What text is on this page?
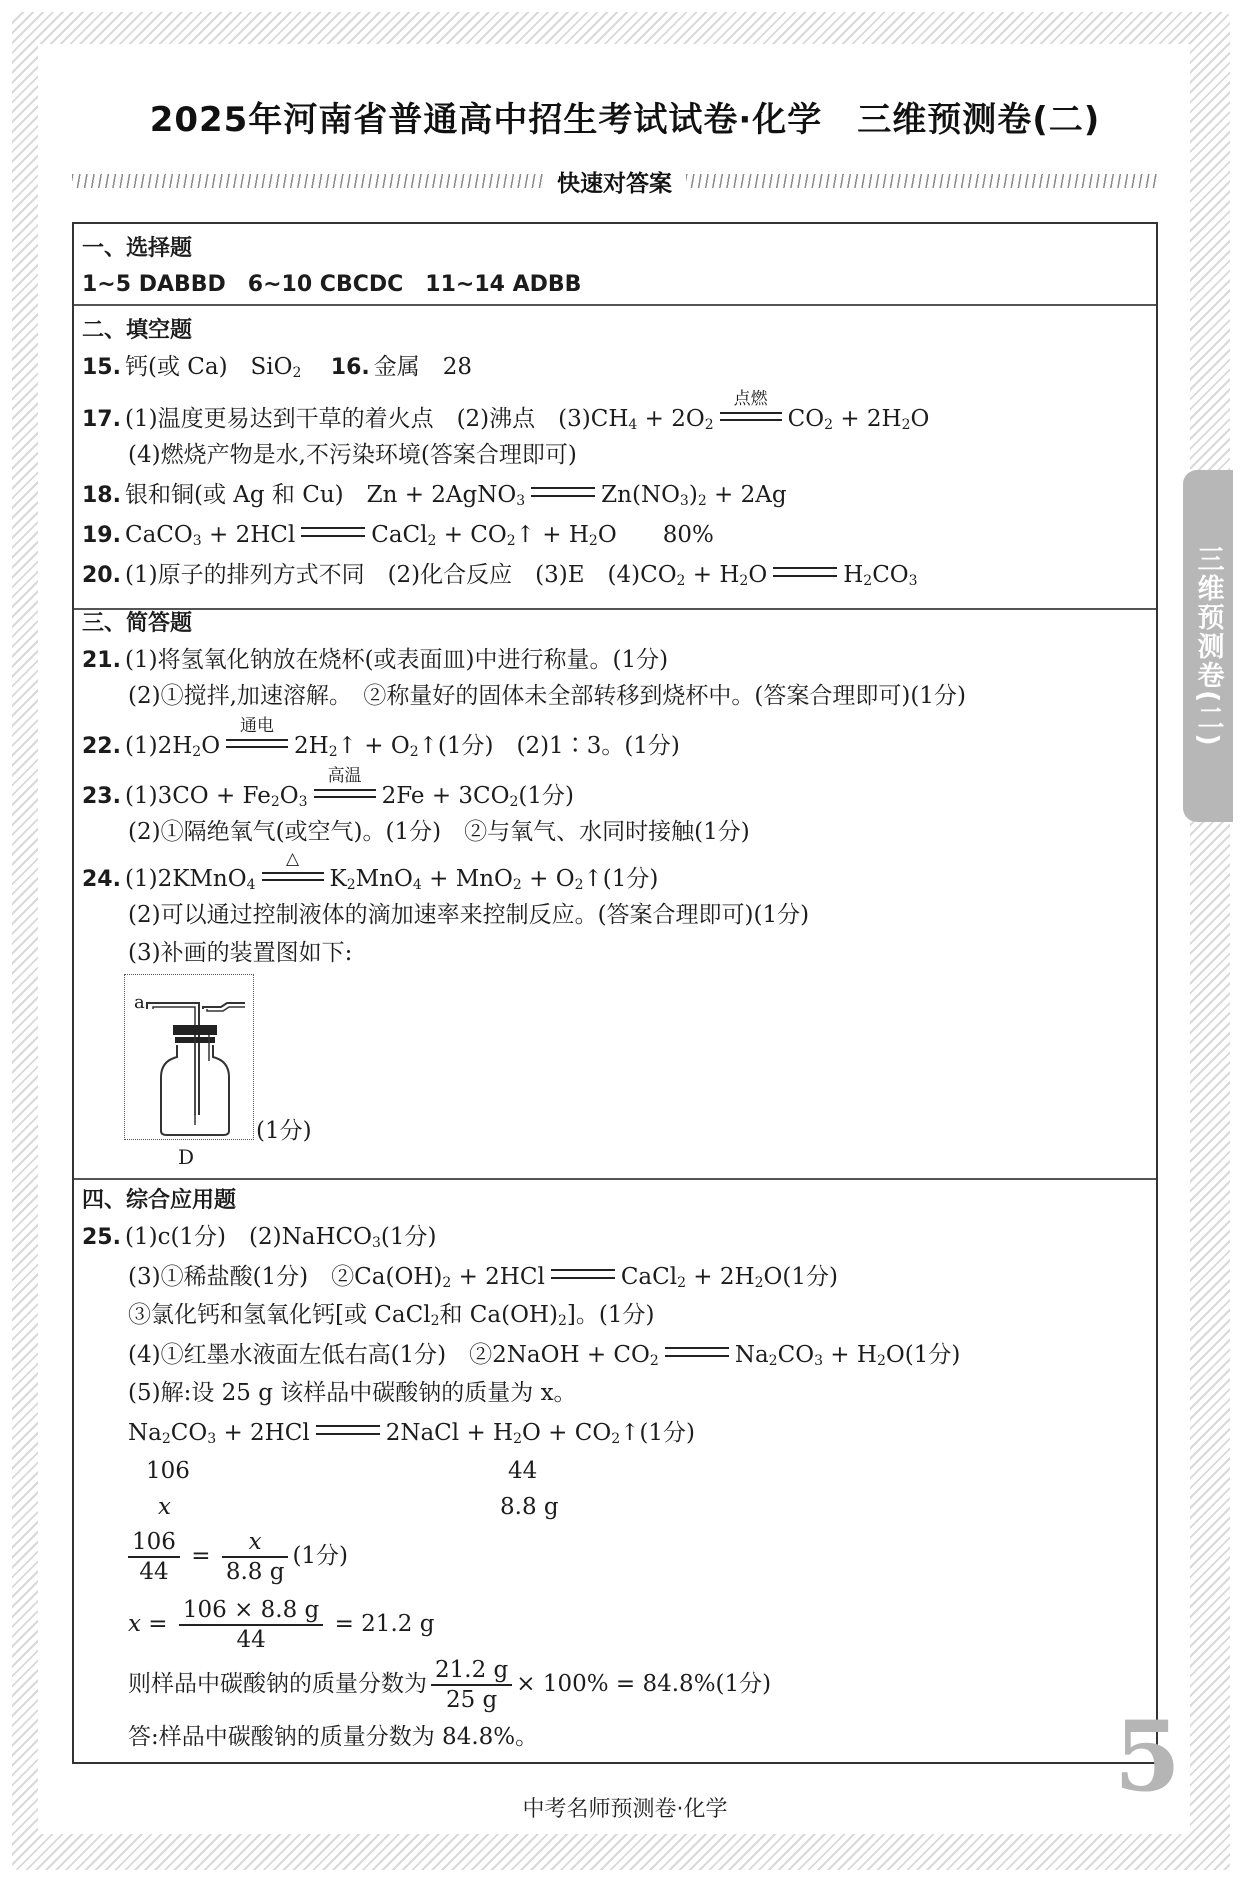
2025年河南省普通高中招生考试试卷·化学　三维预测卷(二)
快速对答案
三维预测卷(二)
一、选择题
1~5 DABBD　6~10 CBCDC　11~14 ADBB
二、填空题
15. 钙(或 Ca)　SiO$_2$ 16. 金属　28
17. (1)温度更易达到干草的着火点　(2)沸点　$(3)CH_4 + 2O_2$
点燃
$CO_2 + 2H_2O$
(4)燃烧产物是水,不污染环境(答案合理即可)
18. 银和铜(或 Ag 和 Cu)　Zn + 2AgNO$_3$	$Zn(NO_3)_2 + 2Ag$
19. CaCO$_3$ + 2HCl	CaCl$_2$ + $CO_2↑ + H_2O$　　80%
20. (1)原子的排列方式不同　(2)化合反应　(3)E　$(4)CO_2 + H_2O$	$H_2CO_3$
三、简答题
21. (1)将氢氧化钠放在烧杯(或表面皿)中进行称量。(1分)
(2)①搅拌,加速溶解。　②称量好的固体未全部转移到烧杯中。(答案合理即可)(1分)
22. $(1)2H_2O$
通电
$2H_2↑$ + $O_2↑(1$分)　(2)1∶3。(1分)
23. $(1)3CO + Fe_2O_3$
高温
$2Fe + 3CO_2(1$分)
(2)①隔绝氧气(或空气)。(1分)　②与氧气、水同时接触(1分)
24. (1)2KMnO$_4$
△
$K_2MnO_4 + MnO_2$ + $O_2↑(1$分)
(2)可以通过控制液体的滴加速率来控制反应。(答案合理即可)(1分)
(3)补画的装置图如下:
a
D
(1分)
四、综合应用题
25. (1)c(1分)　(2)NaHCO$_3$(1分)
(3)①稀盐酸(1分)　$②Ca(OH)_2 + 2HCl$	CaCl$_2$ + $2H_2O(1$分)
③氯化钙和氢氧化钙[或 CaCl$_2$和 $Ca(OH)_2$]。(1分)
(4)①红墨水液面左低右高(1分)　②2NaOH + $CO_2$	$Na_2CO_3 + H_2O(1$分)
(5)解:设 25 g 该样品中碳酸钠的质量为 x。
$Na_2CO_3 + 2HCl$	2NaCl + $H_2O$ + $CO_2↑(1$分)
106	44
x	8.8 g
$\frac{106}{44} = \frac{x}{8.8 g} (1$分)
$x = \frac{106 \times 8.8 g}{44} = 21.2$ g
则样品中碳酸钠的质量分数为 $\frac{21.2 g}{25 g} \times 100\% = 84.8\%(1$分)
答:样品中碳酸钠的质量分数为 84.8%。	5
中考名师预测卷·化学
